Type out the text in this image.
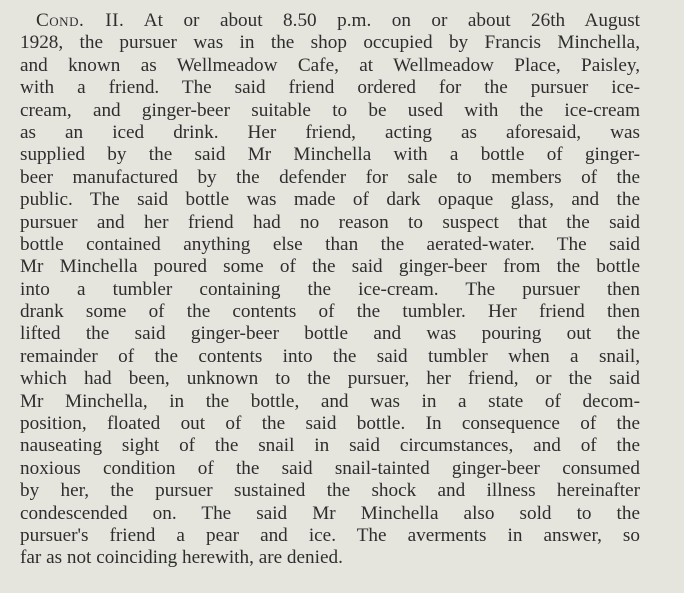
Cond. II. At or about 8.50 p.m. on or about 26th August
1928, the pursuer was in the shop occupied by Francis Minchella,
and known as Wellmeadow Cafe, at Wellmeadow Place, Paisley,
with a friend. The said friend ordered for the pursuer ice-
cream, and ginger-beer suitable to be used with the ice-cream
as an iced drink. Her friend, acting as aforesaid, was
supplied by the said Mr Minchella with a bottle of ginger-
beer manufactured by the defender for sale to members of the
public. The said bottle was made of dark opaque glass, and the
pursuer and her friend had no reason to suspect that the said
bottle contained anything else than the aerated-water. The said
Mr Minchella poured some of the said ginger-beer from the bottle
into a tumbler containing the ice-cream. The pursuer then
drank some of the contents of the tumbler. Her friend then
lifted the said ginger-beer bottle and was pouring out the
remainder of the contents into the said tumbler when a snail,
which had been, unknown to the pursuer, her friend, or the said
Mr Minchella, in the bottle, and was in a state of decom-
position, floated out of the said bottle. In consequence of the
nauseating sight of the snail in said circumstances, and of the
noxious condition of the said snail-tainted ginger-beer consumed
by her, the pursuer sustained the shock and illness hereinafter
condescended on. The said Mr Minchella also sold to the
pursuer's friend a pear and ice. The averments in answer, so
far as not coinciding herewith, are denied.
